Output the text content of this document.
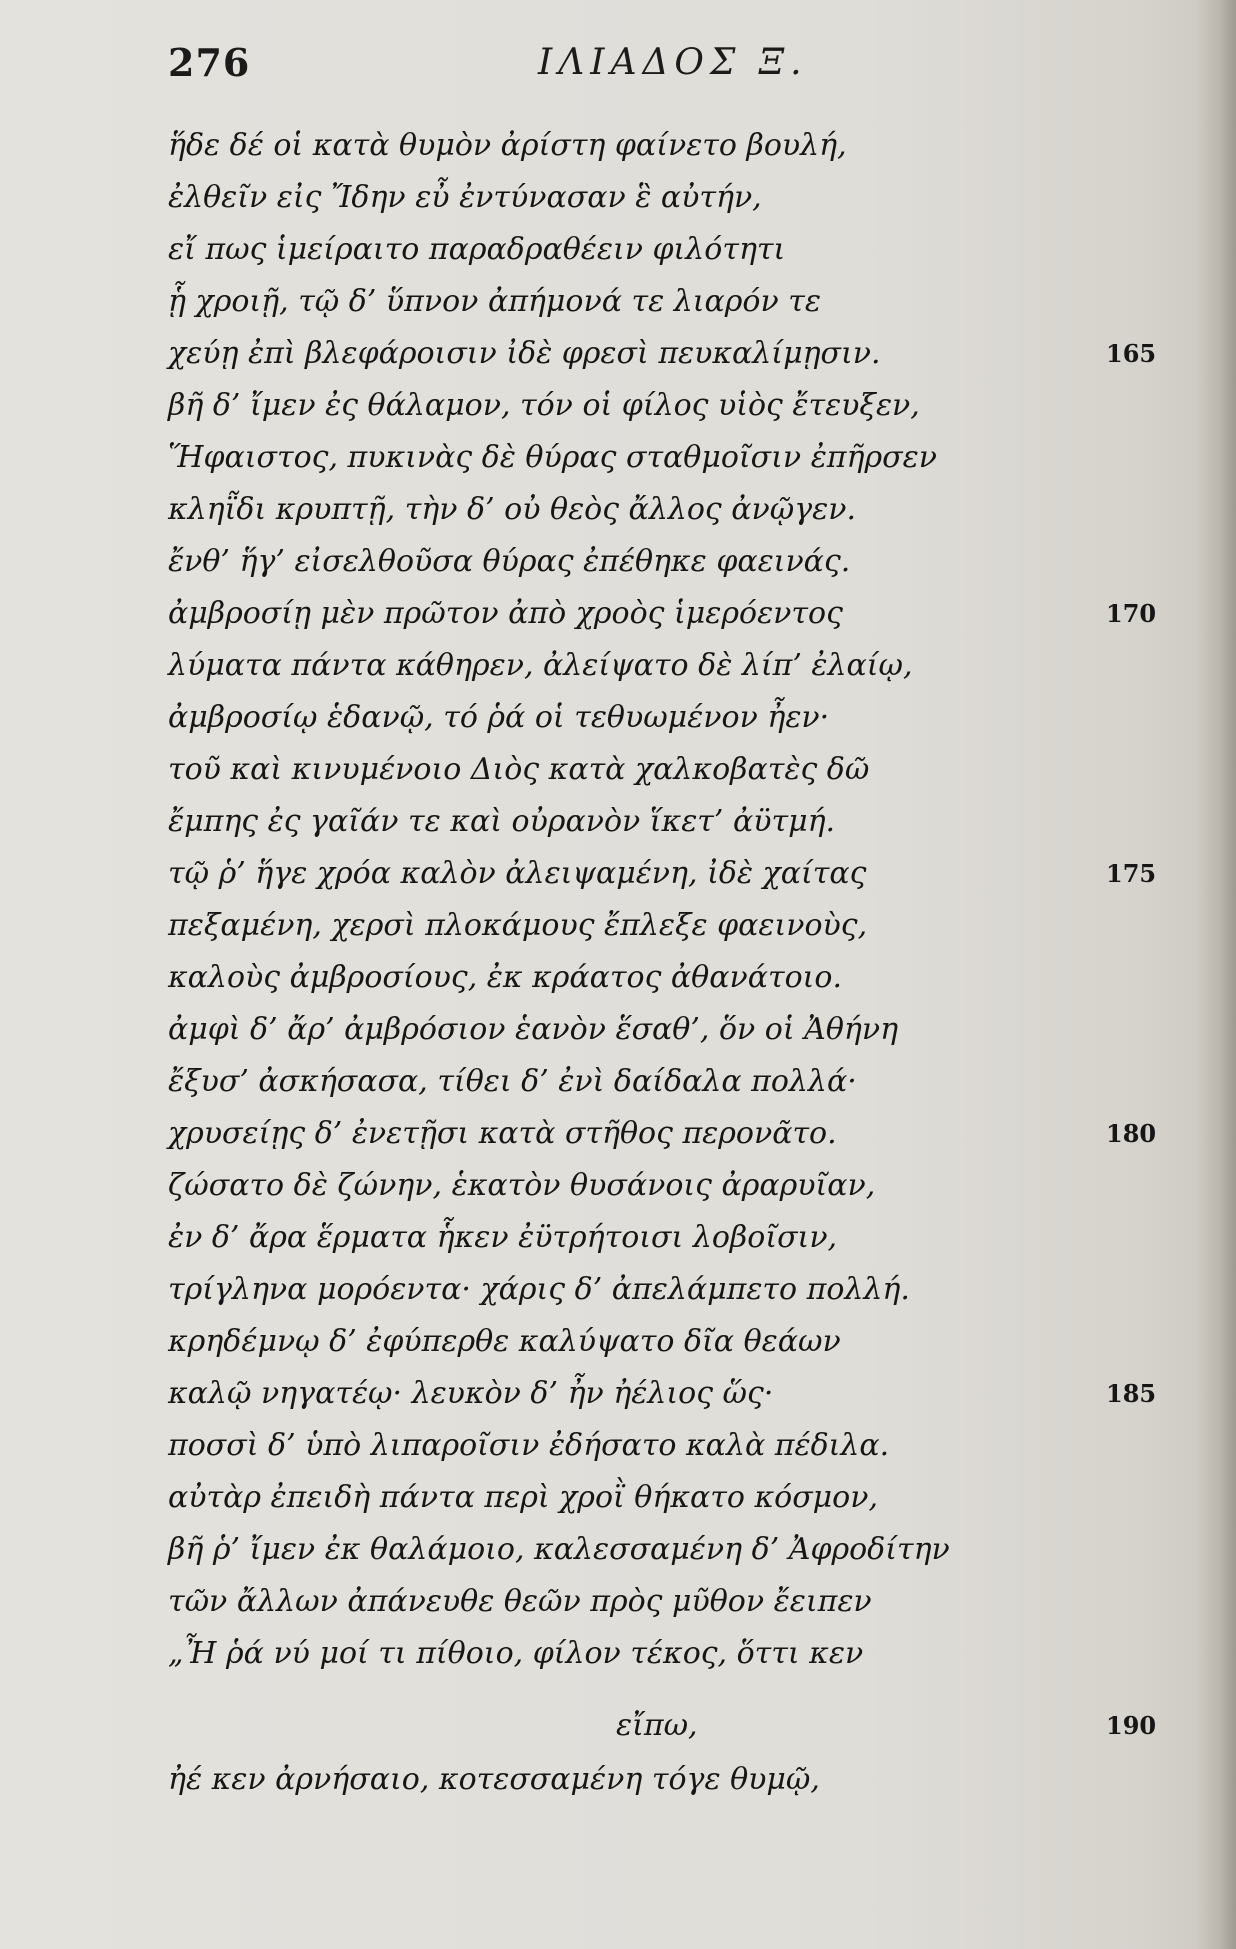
276	ΙΛΙΑΔΟΣ Ξ.
ἥδε δέ οἱ κατὰ θυμὸν ἀρίστη φαίνετο βουλή,
ἐλθεῖν εἰς Ἴδην εὖ ἐντύνασαν ἓ αὐτήν,
εἴ πως ἱμείραιτο παραδραθέειν φιλότητι
ᾗ χροιῇ, τῷ δ’ ὕπνον ἀπήμονά τε λιαρόν τε
χεύῃ ἐπὶ βλεφάροισιν ἰδὲ φρεσὶ πευκαλίμῃσιν.	165
βῆ δ’ ἴμεν ἐς θάλαμον, τόν οἱ φίλος υἱὸς ἔτευξεν,
Ἥφαιστος, πυκινὰς δὲ θύρας σταθμοῖσιν ἐπῆρσεν
κληῗδι κρυπτῇ, τὴν δ’ οὐ θεὸς ἄλλος ἀνῷγεν.
ἔνθ’ ἥγ’ εἰσελθοῦσα θύρας ἐπέθηκε φαεινάς.
ἀμβροσίῃ μὲν πρῶτον ἀπὸ χροὸς ἱμερόεντος	170
λύματα πάντα κάθηρεν, ἀλείψατο δὲ λίπ’ ἐλαίῳ,
ἀμβροσίῳ ἑδανῷ, τό ῥά οἱ τεθυωμένον ἦεν·
τοῦ καὶ κινυμένοιο Διὸς κατὰ χαλκοβατὲς δῶ
ἔμπης ἐς γαῖάν τε καὶ οὐρανὸν ἵκετ’ ἀϋτμή.
τῷ ῥ’ ἥγε χρόα καλὸν ἀλειψαμένη, ἰδὲ χαίτας	175
πεξαμένη, χερσὶ πλοκάμους ἔπλεξε φαεινοὺς,
καλοὺς ἀμβροσίους, ἐκ κράατος ἀθανάτοιο.
ἀμφὶ δ’ ἄρ’ ἀμβρόσιον ἑανὸν ἕσαθ’, ὅν οἱ Ἀθήνη
ἔξυσ’ ἀσκήσασα, τίθει δ’ ἐνὶ δαίδαλα πολλά·
χρυσείῃς δ’ ἐνετῇσι κατὰ στῆθος περονᾶτο.	180
ζώσατο δὲ ζώνην, ἑκατὸν θυσάνοις ἀραρυῖαν,
ἐν δ’ ἄρα ἕρματα ἧκεν ἐϋτρήτοισι λοβοῖσιν,
τρίγληνα μορόεντα· χάρις δ’ ἀπελάμπετο πολλή.
κρηδέμνῳ δ’ ἐφύπερθε καλύψατο δῖα θεάων
καλῷ νηγατέῳ· λευκὸν δ’ ἦν ἠέλιος ὥς·	185
ποσσὶ δ’ ὑπὸ λιπαροῖσιν ἐδήσατο καλὰ πέδιλα.
αὐτὰρ ἐπειδὴ πάντα περὶ χροῒ θήκατο κόσμον,
βῆ ῥ’ ἴμεν ἐκ θαλάμοιο, καλεσσαμένη δ’ Ἀφροδίτην
τῶν ἄλλων ἀπάνευθε θεῶν πρὸς μῦθον ἔειπεν
„Ἦ ῥά νύ μοί τι πίθοιο, φίλον τέκος, ὅττι κεν
εἴπω,	190
ἠέ κεν ἀρνήσαιο, κοτεσσαμένη τόγε θυμῷ,
